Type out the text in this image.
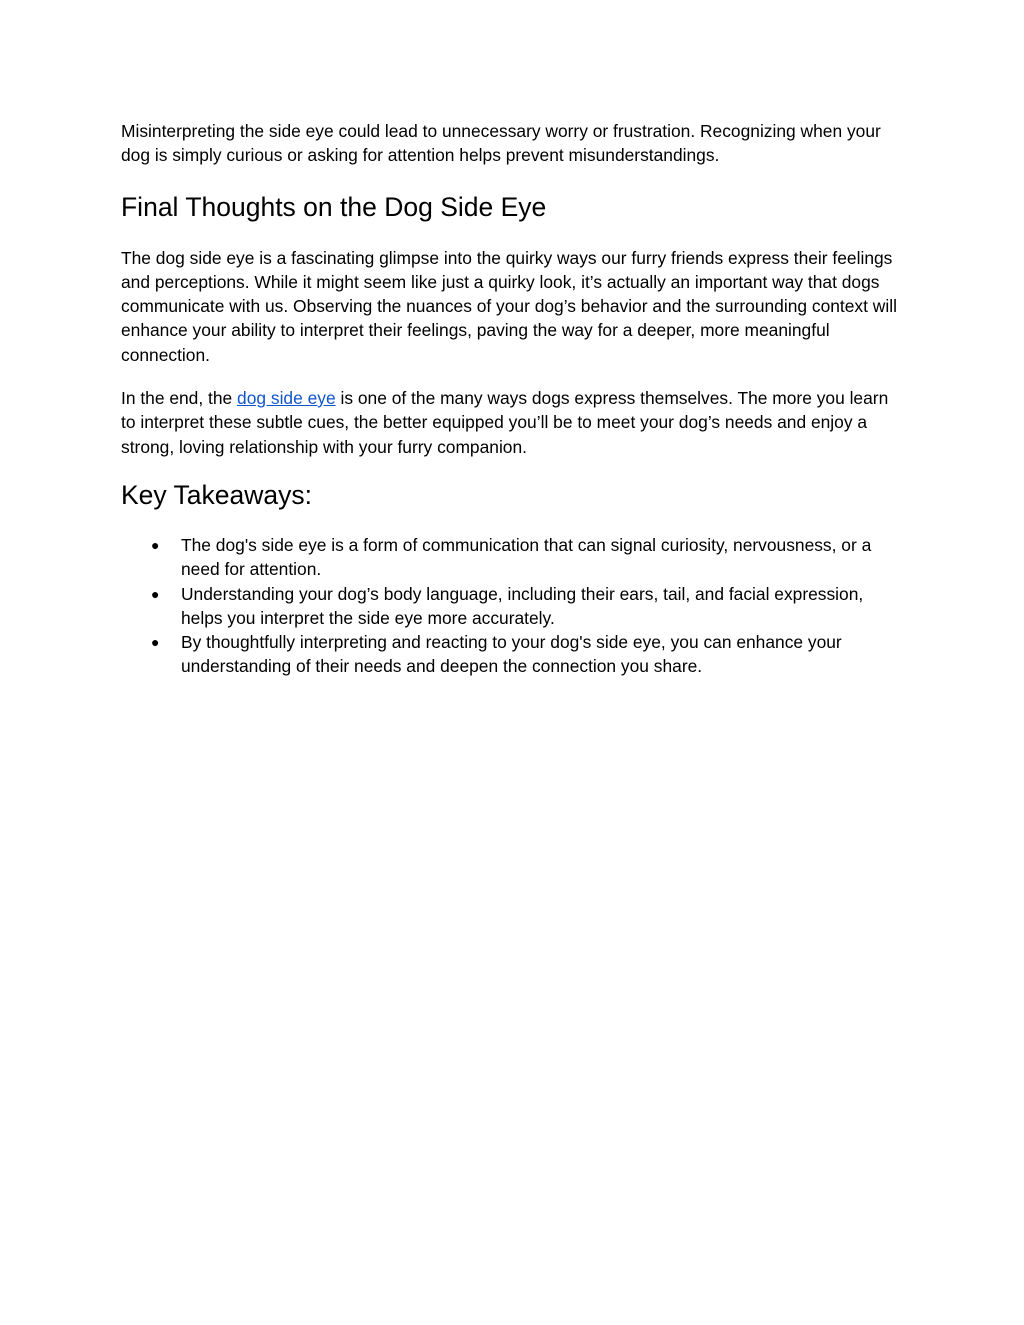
Misinterpreting the side eye could lead to unnecessary worry or frustration. Recognizing when your dog is simply curious or asking for attention helps prevent misunderstandings.

Final Thoughts on the Dog Side Eye

The dog side eye is a fascinating glimpse into the quirky ways our furry friends express their feelings and perceptions. While it might seem like just a quirky look, it’s actually an important way that dogs communicate with us. Observing the nuances of your dog’s behavior and the surrounding context will enhance your ability to interpret their feelings, paving the way for a deeper, more meaningful connection.

In the end, the dog side eye is one of the many ways dogs express themselves. The more you learn to interpret these subtle cues, the better equipped you’ll be to meet your dog’s needs and enjoy a strong, loving relationship with your furry companion.

Key Takeaways:
● The dog's side eye is a form of communication that can signal curiosity, nervousness, or a need for attention.
● Understanding your dog’s body language, including their ears, tail, and facial expression, helps you interpret the side eye more accurately.
● By thoughtfully interpreting and reacting to your dog's side eye, you can enhance your understanding of their needs and deepen the connection you share.
